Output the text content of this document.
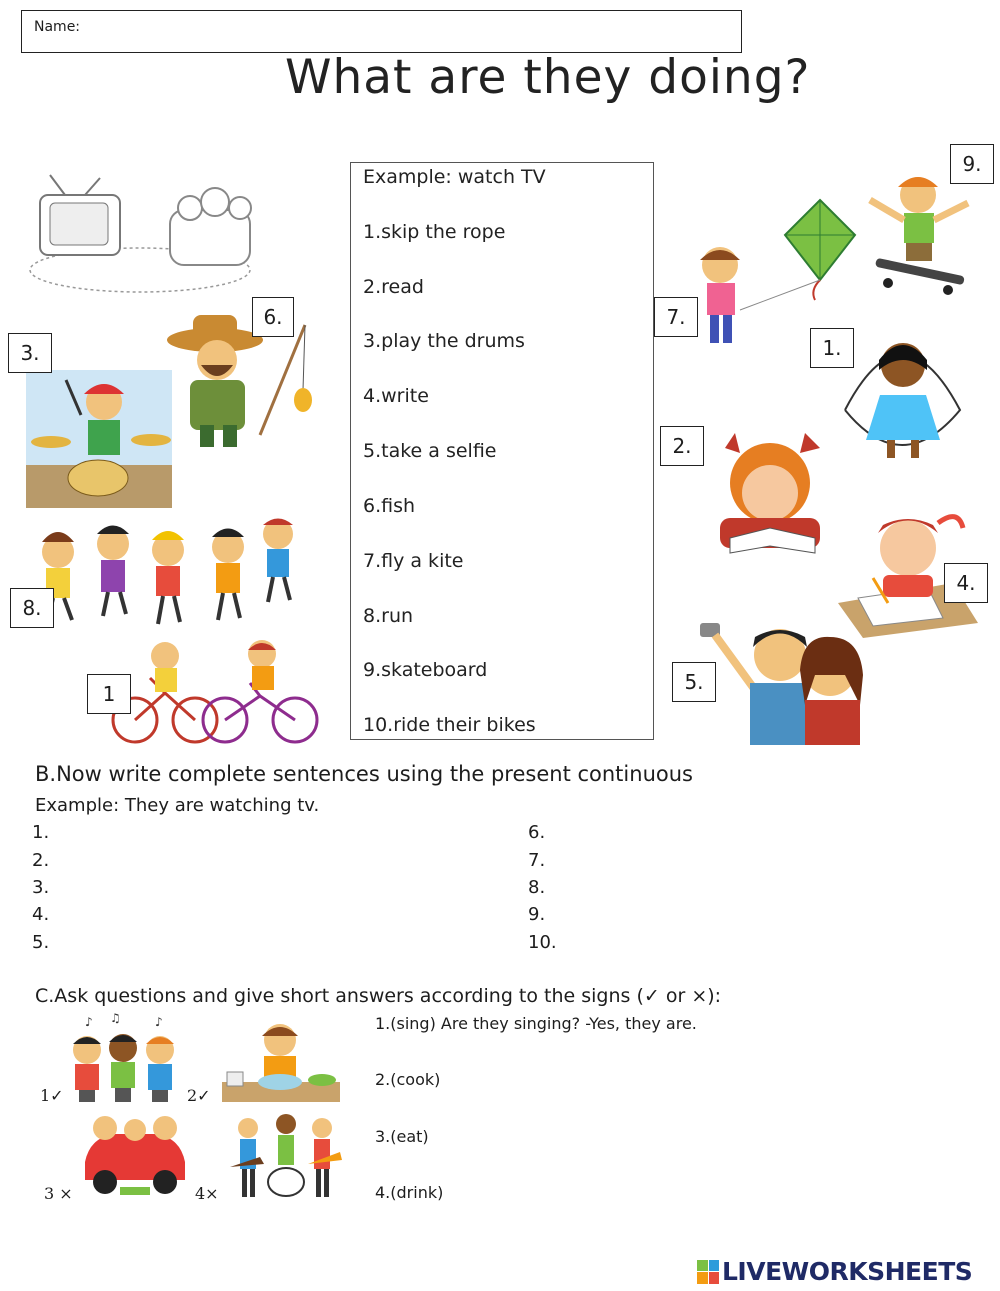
Name:
What are they doing?
Example: watch TV
1.skip the rope
2.read
3.play the drums
4.write
5.take a selfie
6.fish
7.fly a kite
8.run
9.skateboard
10.ride their bikes
6.
3.
8.
1
9.
7.
1.
2.
4.
5.
B.Now write complete sentences using the present continuous
Example: They are watching tv.
1.
2.
3.
4.
5.
6.
7.
8.
9.
10.
C.Ask questions and give short answers according to the signs (✓ or ×):
♪ ♫	♪
1✓	2✓
3 ×	4×
1.(sing) Are they singing? -Yes, they are.
2.(cook)
3.(eat)
4.(drink)
LIVEWORKSHEETS
